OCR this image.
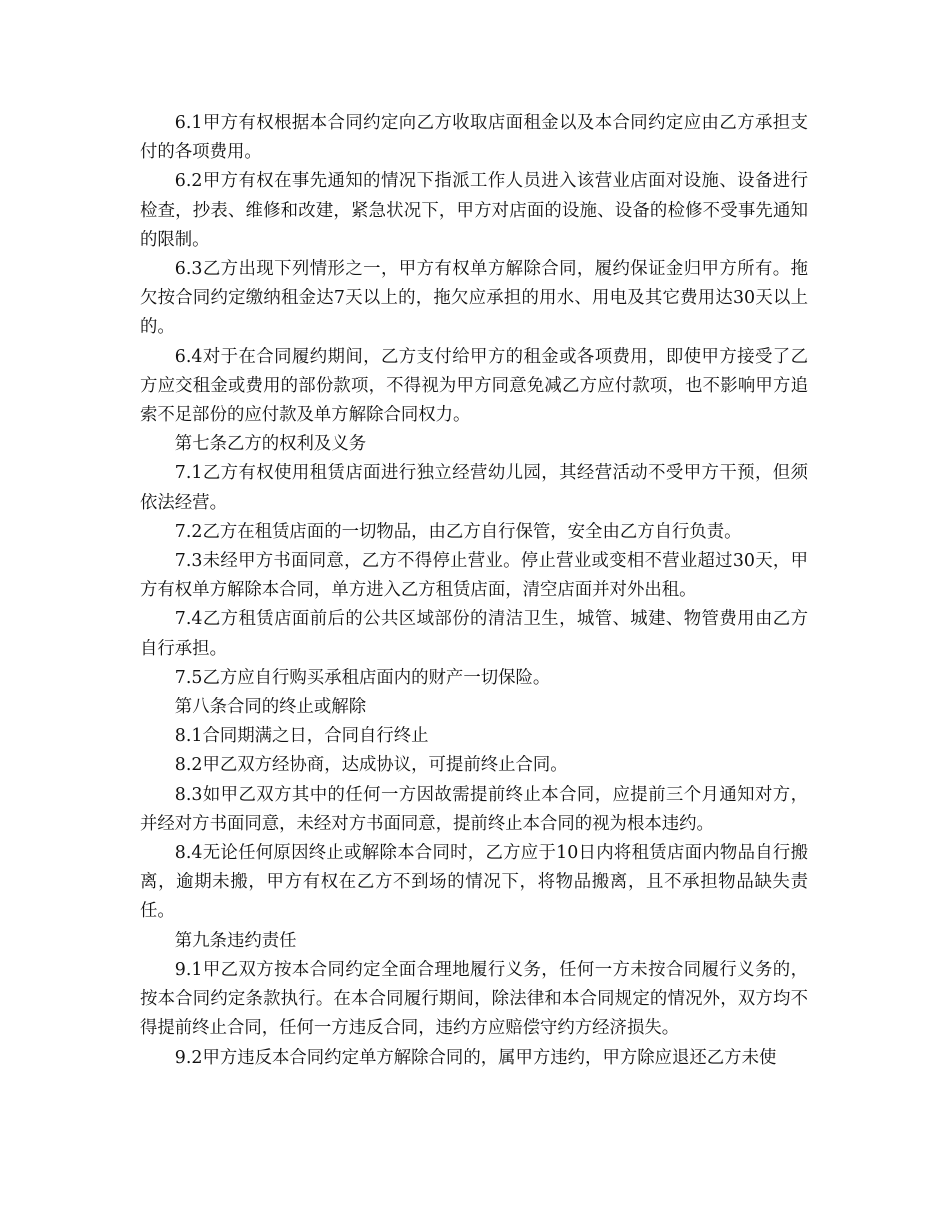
6.1甲方有权根据本合同约定向乙方收取店面租金以及本合同约定应由乙方承担支付的各项费用。

6.2甲方有权在事先通知的情况下指派工作人员进入该营业店面对设施、设备进行检查，抄表、维修和改建，紧急状况下，甲方对店面的设施、设备的检修不受事先通知的限制。

6.3乙方出现下列情形之一，甲方有权单方解除合同，履约保证金归甲方所有。拖欠按合同约定缴纳租金达7天以上的，拖欠应承担的用水、用电及其它费用达30天以上的。

6.4对于在合同履约期间，乙方支付给甲方的租金或各项费用，即使甲方接受了乙方应交租金或费用的部份款项，不得视为甲方同意免减乙方应付款项，也不影响甲方追索不足部份的应付款及单方解除合同权力。

第七条乙方的权利及义务

7.1乙方有权使用租赁店面进行独立经营幼儿园，其经营活动不受甲方干预，但须依法经营。

7.2乙方在租赁店面的一切物品，由乙方自行保管，安全由乙方自行负责。

7.3未经甲方书面同意，乙方不得停止营业。停止营业或变相不营业超过30天，甲方有权单方解除本合同，单方进入乙方租赁店面，清空店面并对外出租。

7.4乙方租赁店面前后的公共区域部份的清洁卫生，城管、城建、物管费用由乙方自行承担。

7.5乙方应自行购买承租店面内的财产一切保险。

第八条合同的终止或解除

8.1合同期满之日，合同自行终止

8.2甲乙双方经协商，达成协议，可提前终止合同。

8.3如甲乙双方其中的任何一方因故需提前终止本合同，应提前三个月通知对方，并经对方书面同意，未经对方书面同意，提前终止本合同的视为根本违约。

8.4无论任何原因终止或解除本合同时，乙方应于10日内将租赁店面内物品自行搬离，逾期未搬，甲方有权在乙方不到场的情况下，将物品搬离，且不承担物品缺失责任。

第九条违约责任

9.1甲乙双方按本合同约定全面合理地履行义务，任何一方未按合同履行义务的，按本合同约定条款执行。在本合同履行期间，除法律和本合同规定的情况外，双方均不得提前终止合同，任何一方违反合同，违约方应赔偿守约方经济损失。

9.2甲方违反本合同约定单方解除合同的，属甲方违约，甲方除应退还乙方未使
